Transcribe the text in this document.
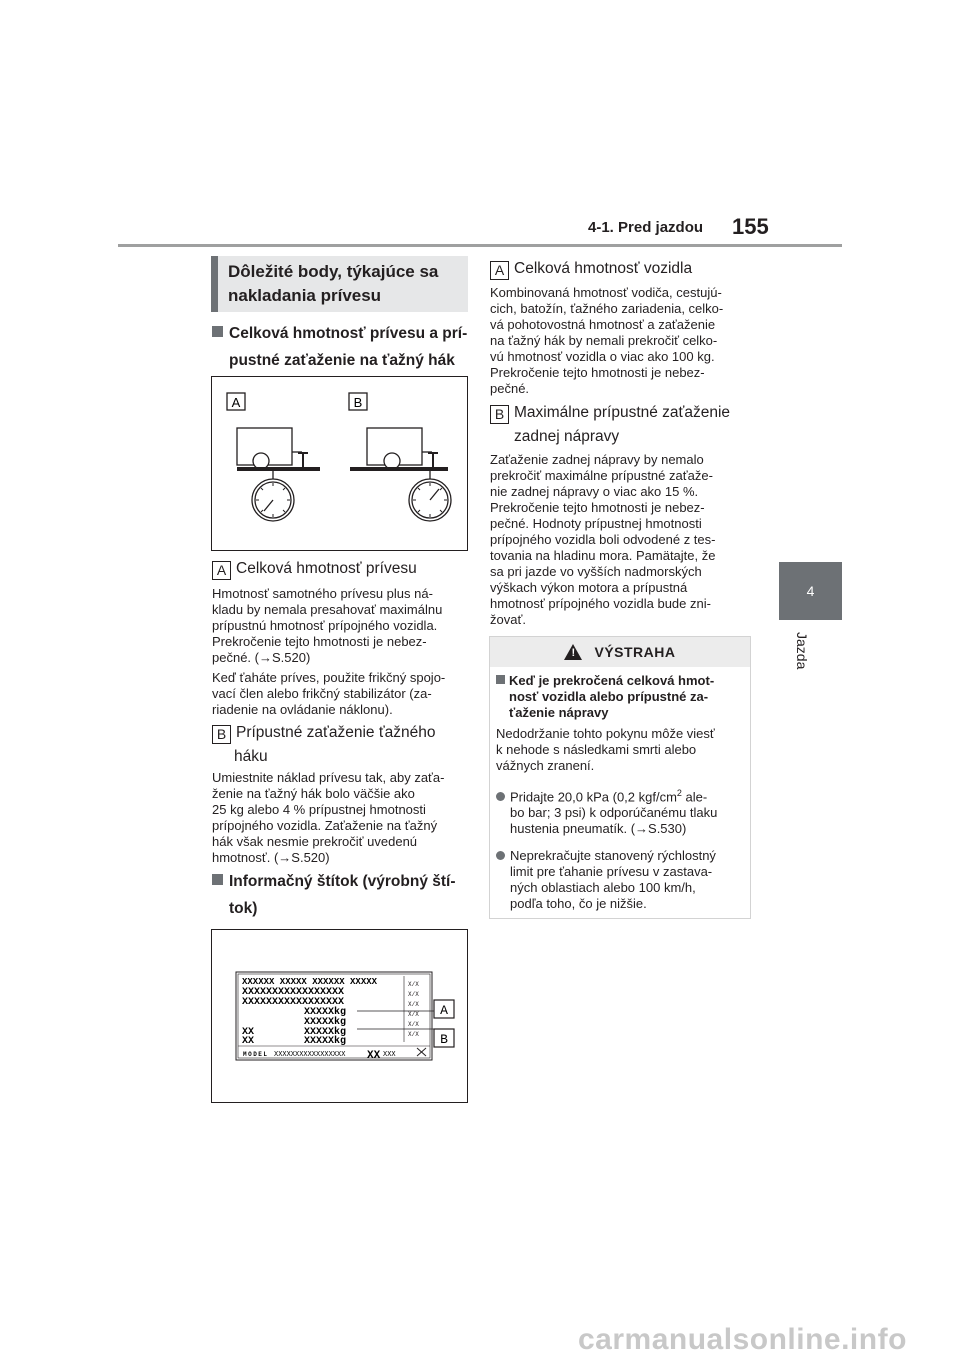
4-1. Pred jazdou 155
4
Jazda
Dôležité body, týkajúce sa
nakladania prívesu
Celková hmotnosť prívesu a prí-
pustné zaťaženie na ťažný hák
A	B
A Celková hmotnosť prívesu
Hmotnosť samotného prívesu plus ná-
kladu by nemala presahovať maximálnu
prípustnú hmotnosť prípojného vozidla.
Prekročenie tejto hmotnosti je nebez-
pečné. (→S.520)
Keď ťaháte príves, použite frikčný spojo-
vací člen alebo frikčný stabilizátor (za-
riadenie na ovládanie náklonu).
B Prípustné zaťaženie ťažného
háku
Umiestnite náklad prívesu tak, aby zaťa-
ženie na ťažný hák bolo väčšie ako
25 kg alebo 4 % prípustnej hmotnosti
prípojného vozidla. Zaťaženie na ťažný
hák však nesmie prekročiť uvedenú
hmotnosť. (→S.520)
Informačný štítok (výrobný ští-
tok)
XXXXXX XXXXX XXXXXX XXXXX
XXXXXXXXXXXXXXXXX
XXXXXXXXXXXXXXXXX
XXXXXkg
XXXXXkg
XXXXXkg
XXXXXkg
XX
XX
MODEL XXXXXXXXXXXXXXXXX XX XXX
X/X
X/X
X/X
X/X
X/X
X/X
A
B
A Celková hmotnosť vozidla
Kombinovaná hmotnosť vodiča, cestujú-
cich, batožín, ťažného zariadenia, celko-
vá pohotovostná hmotnosť a zaťaženie
na ťažný hák by nemali prekročiť celko-
vú hmotnosť vozidla o viac ako 100 kg.
Prekročenie tejto hmotnosti je nebez-
pečné.
B Maximálne prípustné zaťaženie
zadnej nápravy
Zaťaženie zadnej nápravy by nemalo
prekročiť maximálne prípustné zaťaže-
nie zadnej nápravy o viac ako 15 %.
Prekročenie tejto hmotnosti je nebez-
pečné. Hodnoty prípustnej hmotnosti
prípojného vozidla boli odvodené z tes-
tovania na hladinu mora. Pamätajte, že
sa pri jazde vo vyšších nadmorských
výškach výkon motora a prípustná
hmotnosť prípojného vozidla bude zni-
žovať.
! VÝSTRAHA
Keď je prekročená celková hmot-
nosť vozidla alebo prípustné za-
ťaženie nápravy
Nedodržanie tohto pokynu môže viesť
k nehode s následkami smrti alebo
vážnych zranení.
Pridajte 20,0 kPa (0,2 kgf/$cm^2$ ale-
bo bar; 3 psi) k odporúčanému tlaku
hustenia pneumatík. (→S.530)
Neprekračujte stanovený rýchlostný
limit pre ťahanie prívesu v zastava-
ných oblastiach alebo 100 km/h,
podľa toho, čo je nižšie.
carmanualsonline.info
